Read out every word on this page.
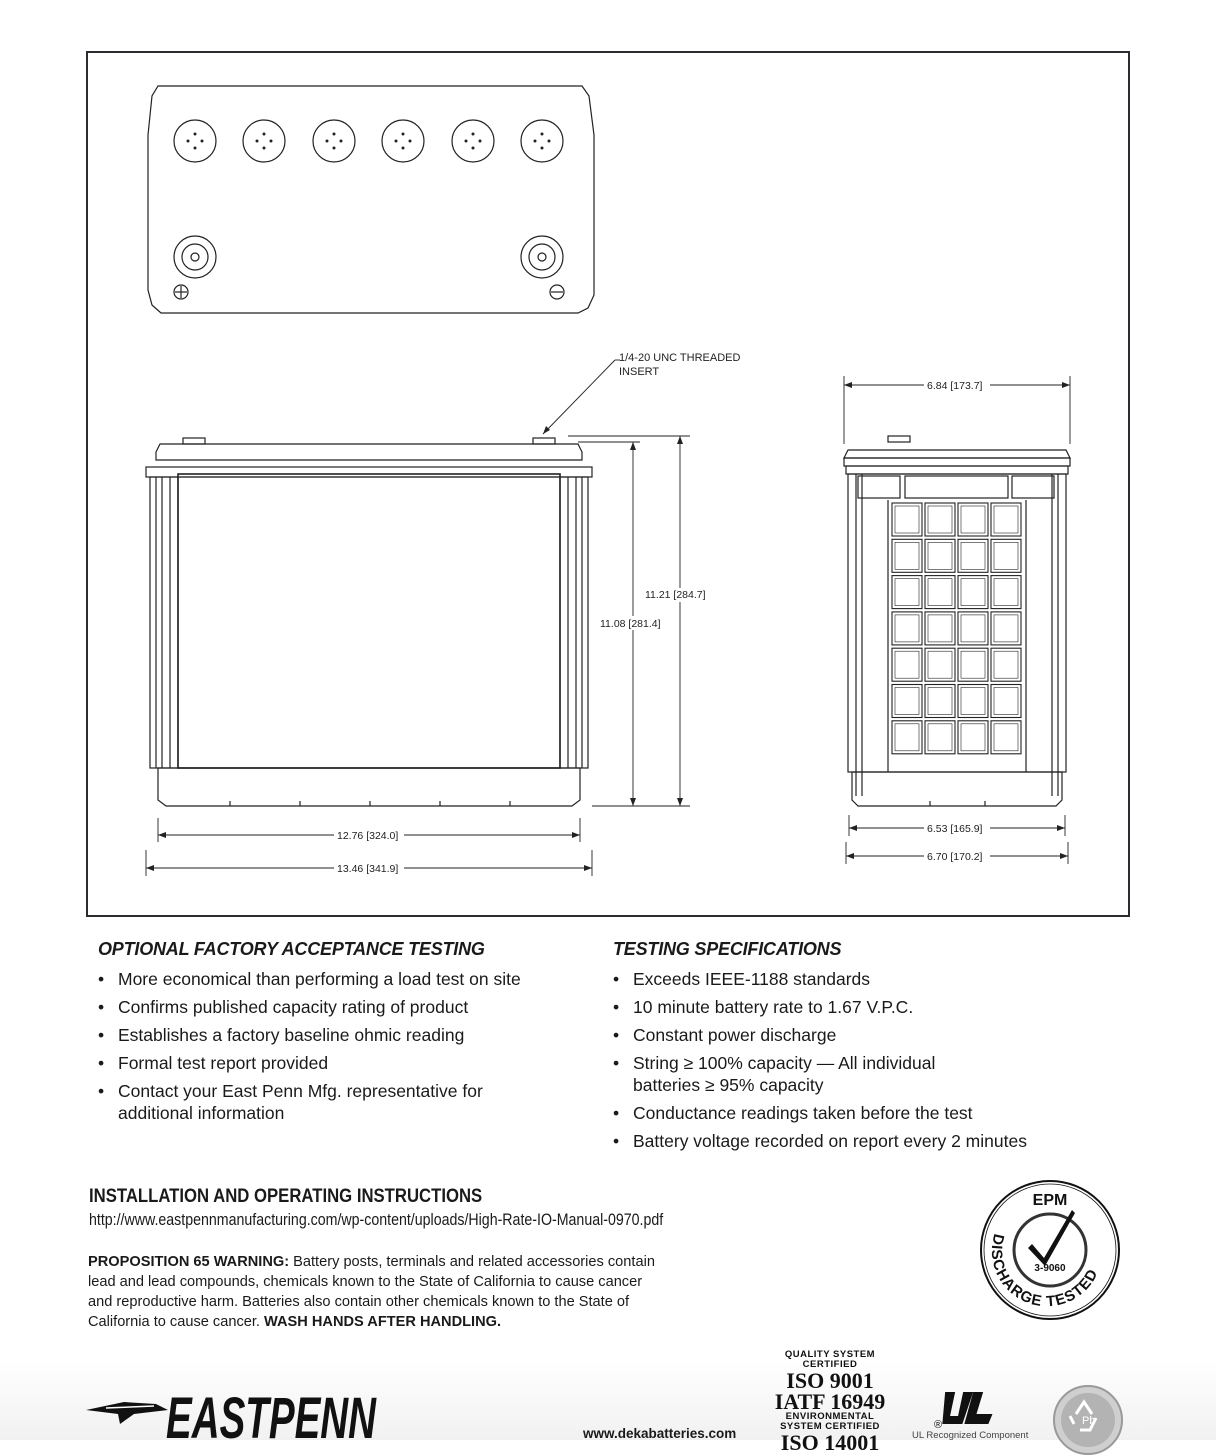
11.08 [281.4]
11.21 [284.7]
12.76 [324.0]
13.46 [341.9]
1/4-20 UNC THREADED
INSERT
6.84 [173.7]
6.53 [165.9]
6.70 [170.2]
OPTIONAL FACTORY ACCEPTANCE TESTING
• More economical than performing a load test on site
• Confirms published capacity rating of product
• Establishes a factory baseline ohmic reading
• Formal test report provided
• Contact your East Penn Mfg. representative for additional information
TESTING SPECIFICATIONS
• Exceeds IEEE-1188 standards
• 10 minute battery rate to 1.67 V.P.C.
• Constant power discharge
• String ≥ 100% capacity — All individual batteries ≥ 95% capacity
• Conductance readings taken before the test
• Battery voltage recorded on report every 2 minutes
INSTALLATION AND OPERATING INSTRUCTIONS
http://www.eastpennmanufacturing.com/wp-content/uploads/High-Rate-IO-Manual-0970.pdf
PROPOSITION 65 WARNING: Battery posts, terminals and related accessories contain lead and lead compounds, chemicals known to the State of California to cause cancer and reproductive harm. Batteries also contain other chemicals known to the State of California to cause cancer. WASH HANDS AFTER HANDLING.
EPM
DISCHARGE TESTED
3-9060
EASTPENN	www.dekabatteries.com
QUALITY SYSTEM
CERTIFIED
ISO 9001
IATF 16949
ENVIRONMENTAL
SYSTEM CERTIFIED
ISO 14001
®
UL Recognized Component
Pb
